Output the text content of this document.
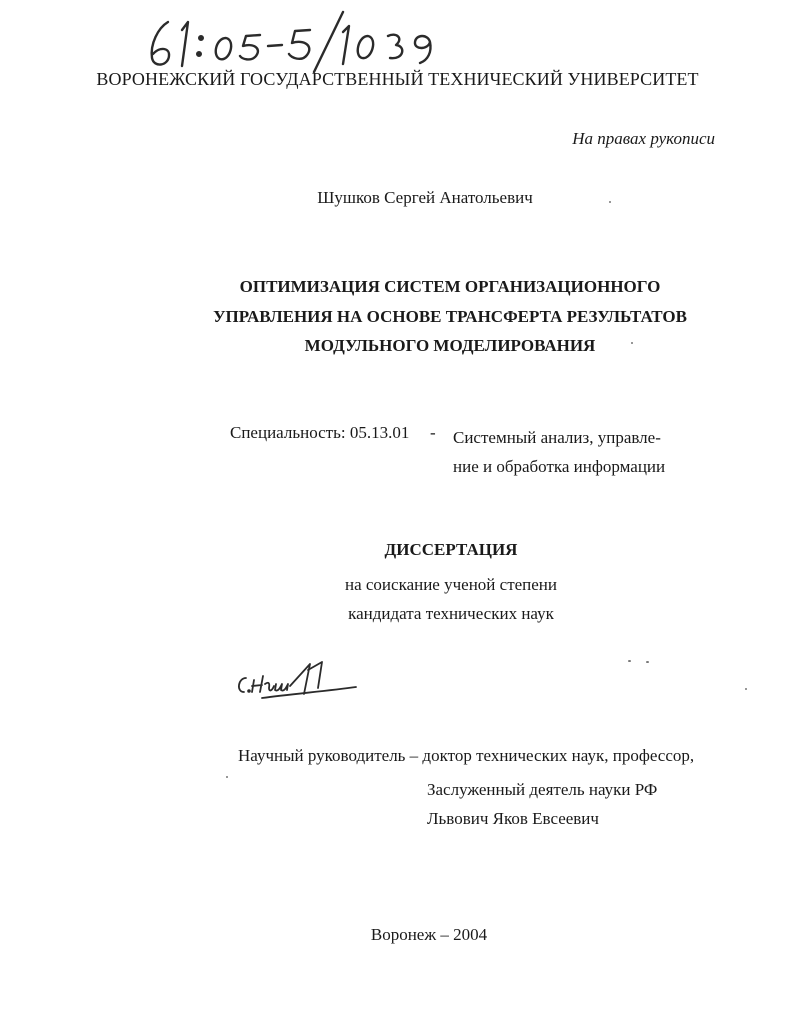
ВОРОНЕЖСКИЙ ГОСУДАРСТВЕННЫЙ ТЕХНИЧЕСКИЙ УНИВЕРСИТЕТ
На правах рукописи
Шушков Сергей Анатольевич
ОПТИМИЗАЦИЯ СИСТЕМ ОРГАНИЗАЦИОННОГО
УПРАВЛЕНИЯ НА ОСНОВЕ ТРАНСФЕРТА РЕЗУЛЬТАТОВ
МОДУЛЬНОГО МОДЕЛИРОВАНИЯ
Специальность: 05.13.01 - Системный анализ, управле-
ние и обработка информации
ДИССЕРТАЦИЯ
на соискание ученой степени
кандидата технических наук
Научный руководитель – доктор технических наук, профессор,
Заслуженный деятель науки РФ
Львович Яков Евсеевич
Воронеж – 2004
